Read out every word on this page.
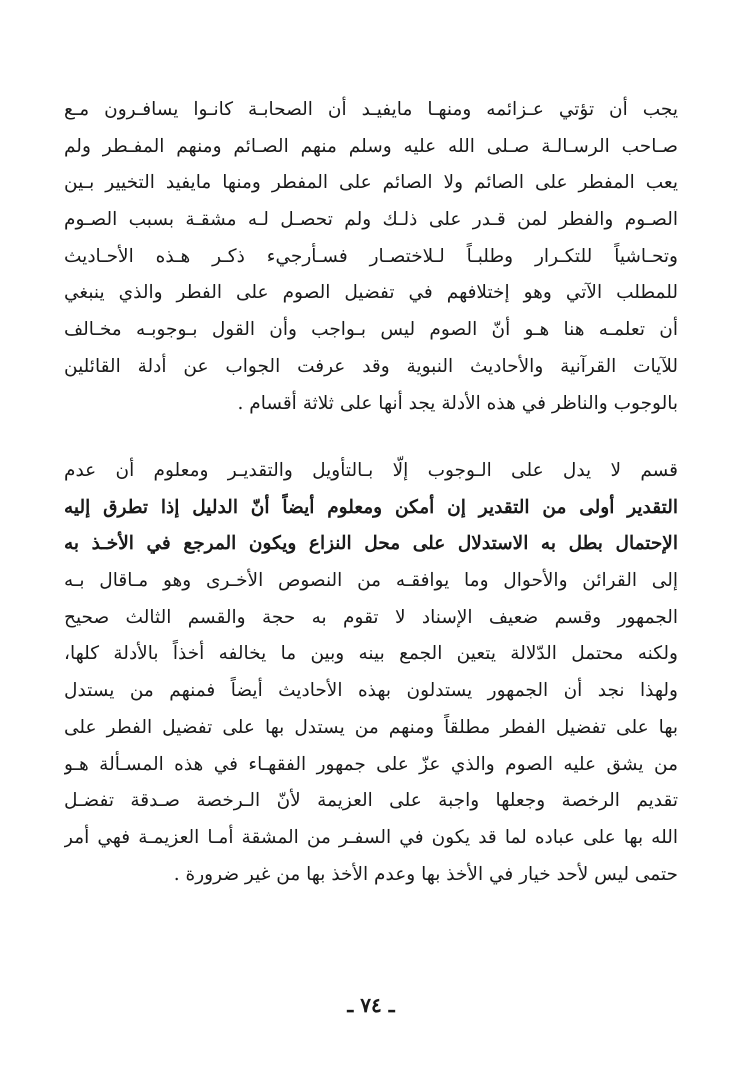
يجب أن تؤتي عـزائمه ومنهـا مايفيـد أن الصحابـة كانـوا يسافـرون مـع
صـاحب الرسـالـة صـلى الله عليه وسلم منهم الصـائم ومنهم المفـطر ولم
يعب المفطر على الصائم ولا الصائم على المفطر ومنها مايفيد التخيير بـين
الصـوم والفطر لمن قـدر على ذلـك ولم تحصـل لـه مشقـة بسبب الصـوم
وتحـاشياً للتكـرار وطلبـاً لـلاختصـار فسـأرجيء ذكـر هـذه الأحـاديث
للمطلب الآتي وهو إختلافهم في تفضيل الصوم على الفطر والذي ينبغي
أن تعلمـه هنا هـو أنّ الصوم ليس بـواجب وأن القول بـوجوبـه مخـالف
للآيات القرآنية والأحاديث النبوية وقد عرفت الجواب عن أدلة القائلين
بالوجوب والناظر في هذه الأدلة يجد أنها على ثلاثة أقسام .
قسم لا يدل على الـوجوب إلّا بـالتأويل والتقديـر ومعلوم أن عدم
التقدير أولى من التقدير إن أمكن ومعلوم أيضاً أنّ الدليل إذا تطرق إليه
الإحتمال بطل به الاستدلال على محل النزاع ويكون المرجع في الأخـذ به
إلى القرائن والأحوال وما يوافقـه من النصوص الأخـرى وهو مـاقال بـه
الجمهور وقسم ضعيف الإسناد لا تقوم به حجة والقسم الثالث صحيح
ولكنه محتمل الدّلالة يتعين الجمع بينه وبين ما يخالفه أخذاً بالأدلة كلها،
ولهذا نجد أن الجمهور يستدلون بهذه الأحاديث أيضاً فمنهم من يستدل
بها على تفضيل الفطر مطلقاً ومنهم من يستدل بها على تفضيل الفطر على
من يشق عليه الصوم والذي عزّ على جمهور الفقهـاء في هذه المسـألة هـو
تقديم الرخصة وجعلها واجبة على العزيمة لأنّ الـرخصة صـدقة تفضـل
الله بها على عباده لما قد يكون في السفـر من المشقة أمـا العزيمـة فهي أمر
حتمى ليس لأحد خيار في الأخذ بها وعدم الأخذ بها من غير ضرورة .
ـ ٧٤ ـ
